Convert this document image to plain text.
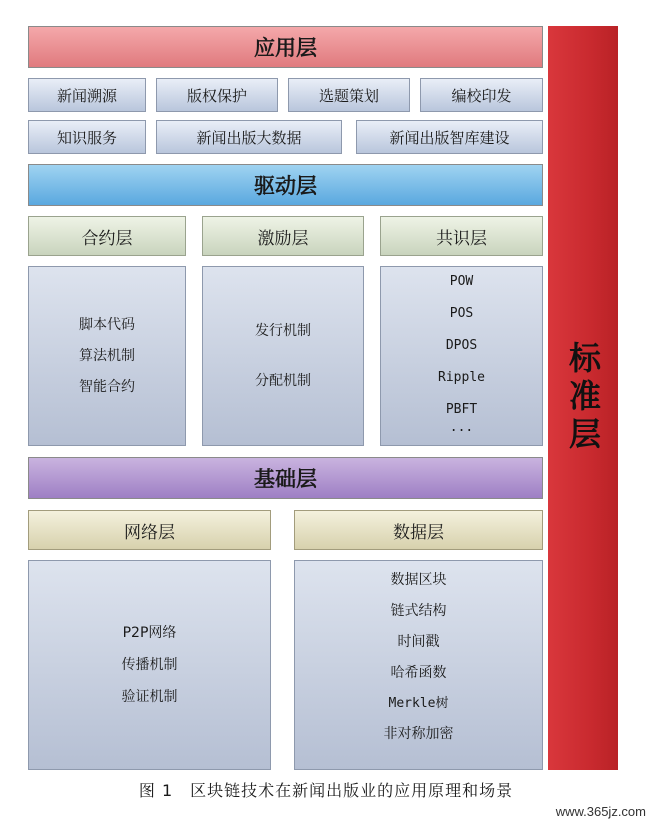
应用层
新闻溯源	版权保护	选题策划	编校印发
知识服务	新闻出版大数据	新闻出版智库建设
驱动层
合约层	激励层	共识层
脚本代码
算法机制
智能合约
发行机制
分配机制
POW
POS
DPOS
Ripple
PBFT
...
基础层
网络层	数据层
P2P网络
传播机制
验证机制
数据区块
链式结构
时间戳
哈希函数
Merkle树
非对称加密
标准层
图 1　区块链技术在新闻出版业的应用原理和场景
www.365jz.com
